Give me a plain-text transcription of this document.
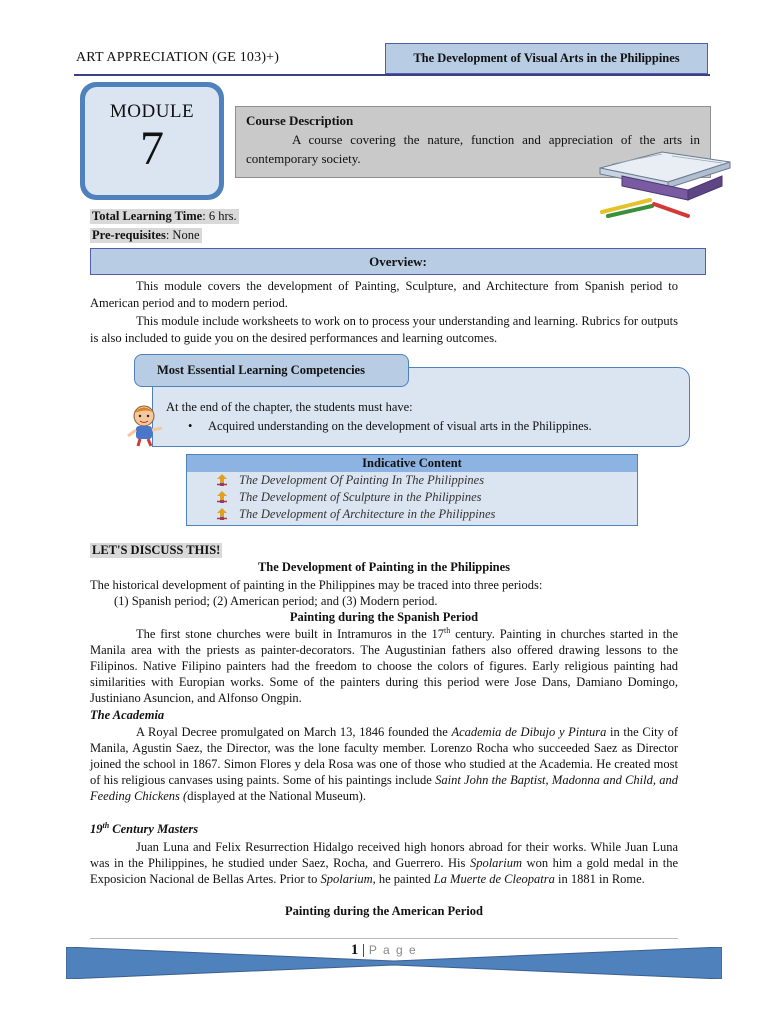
ART APPRECIATION (GE 103)+)	The Development of Visual Arts in the Philippines
MODULE
7
Course Description
A course covering the nature, function and appreciation of the arts in contemporary society.
Total Learning Time: 6 hrs.
Pre-requisites: None
Overview:
This module covers the development of Painting, Sculpture, and Architecture from Spanish period to American period and to modern period.
This module include worksheets to work on to process your understanding and learning. Rubrics for outputs is also included to guide you on the desired performances and learning outcomes.
Most Essential Learning Competencies
At the end of the chapter, the students must have:
•     Acquired understanding on the development of visual arts in the Philippines.
Indicative Content
The Development Of Painting In The Philippines
The Development of Sculpture in the Philippines
The Development of Architecture in the Philippines
LET'S DISCUSS THIS!
The Development of Painting in the Philippines
The historical development of painting in the Philippines may be traced into three periods:
(1) Spanish period; (2) American period; and (3) Modern period.
Painting during the Spanish Period
The first stone churches were built in Intramuros in the 17th century. Painting in churches started in the Manila area with the priests as painter-decorators. The Augustinian fathers also offered drawing lessons to the Filipinos. Native Filipino painters had the freedom to choose the colors of figures. Early religious painting had similarities with Europian works. Some of the painters during this period were Jose Dans, Damiano Domingo, Justiniano Asuncion, and Alfonso Ongpin.
The Academia
A Royal Decree promulgated on March 13, 1846 founded the Academia de Dibujo y Pintura in the City of Manila, Agustin Saez, the Director, was the lone faculty member. Lorenzo Rocha who succeeded Saez as Director joined the school in 1867. Simon Flores y dela Rosa was one of those who studied at the Academia. He created most of his religious canvases using paints. Some of his paintings include Saint John the Baptist, Madonna and Child, and Feeding Chickens (displayed at the National Museum).
19th Century Masters
Juan Luna and Felix Resurrection Hidalgo received high honors abroad for their works. While Juan Luna was in the Philippines, he studied under Saez, Rocha, and Guerrero. His Spolarium won him a gold medal in the Exposicion Nacional de Bellas Artes. Prior to Spolarium, he painted La Muerte de Cleopatra in 1881 in Rome.
Painting during the American Period
1 | P a g e
